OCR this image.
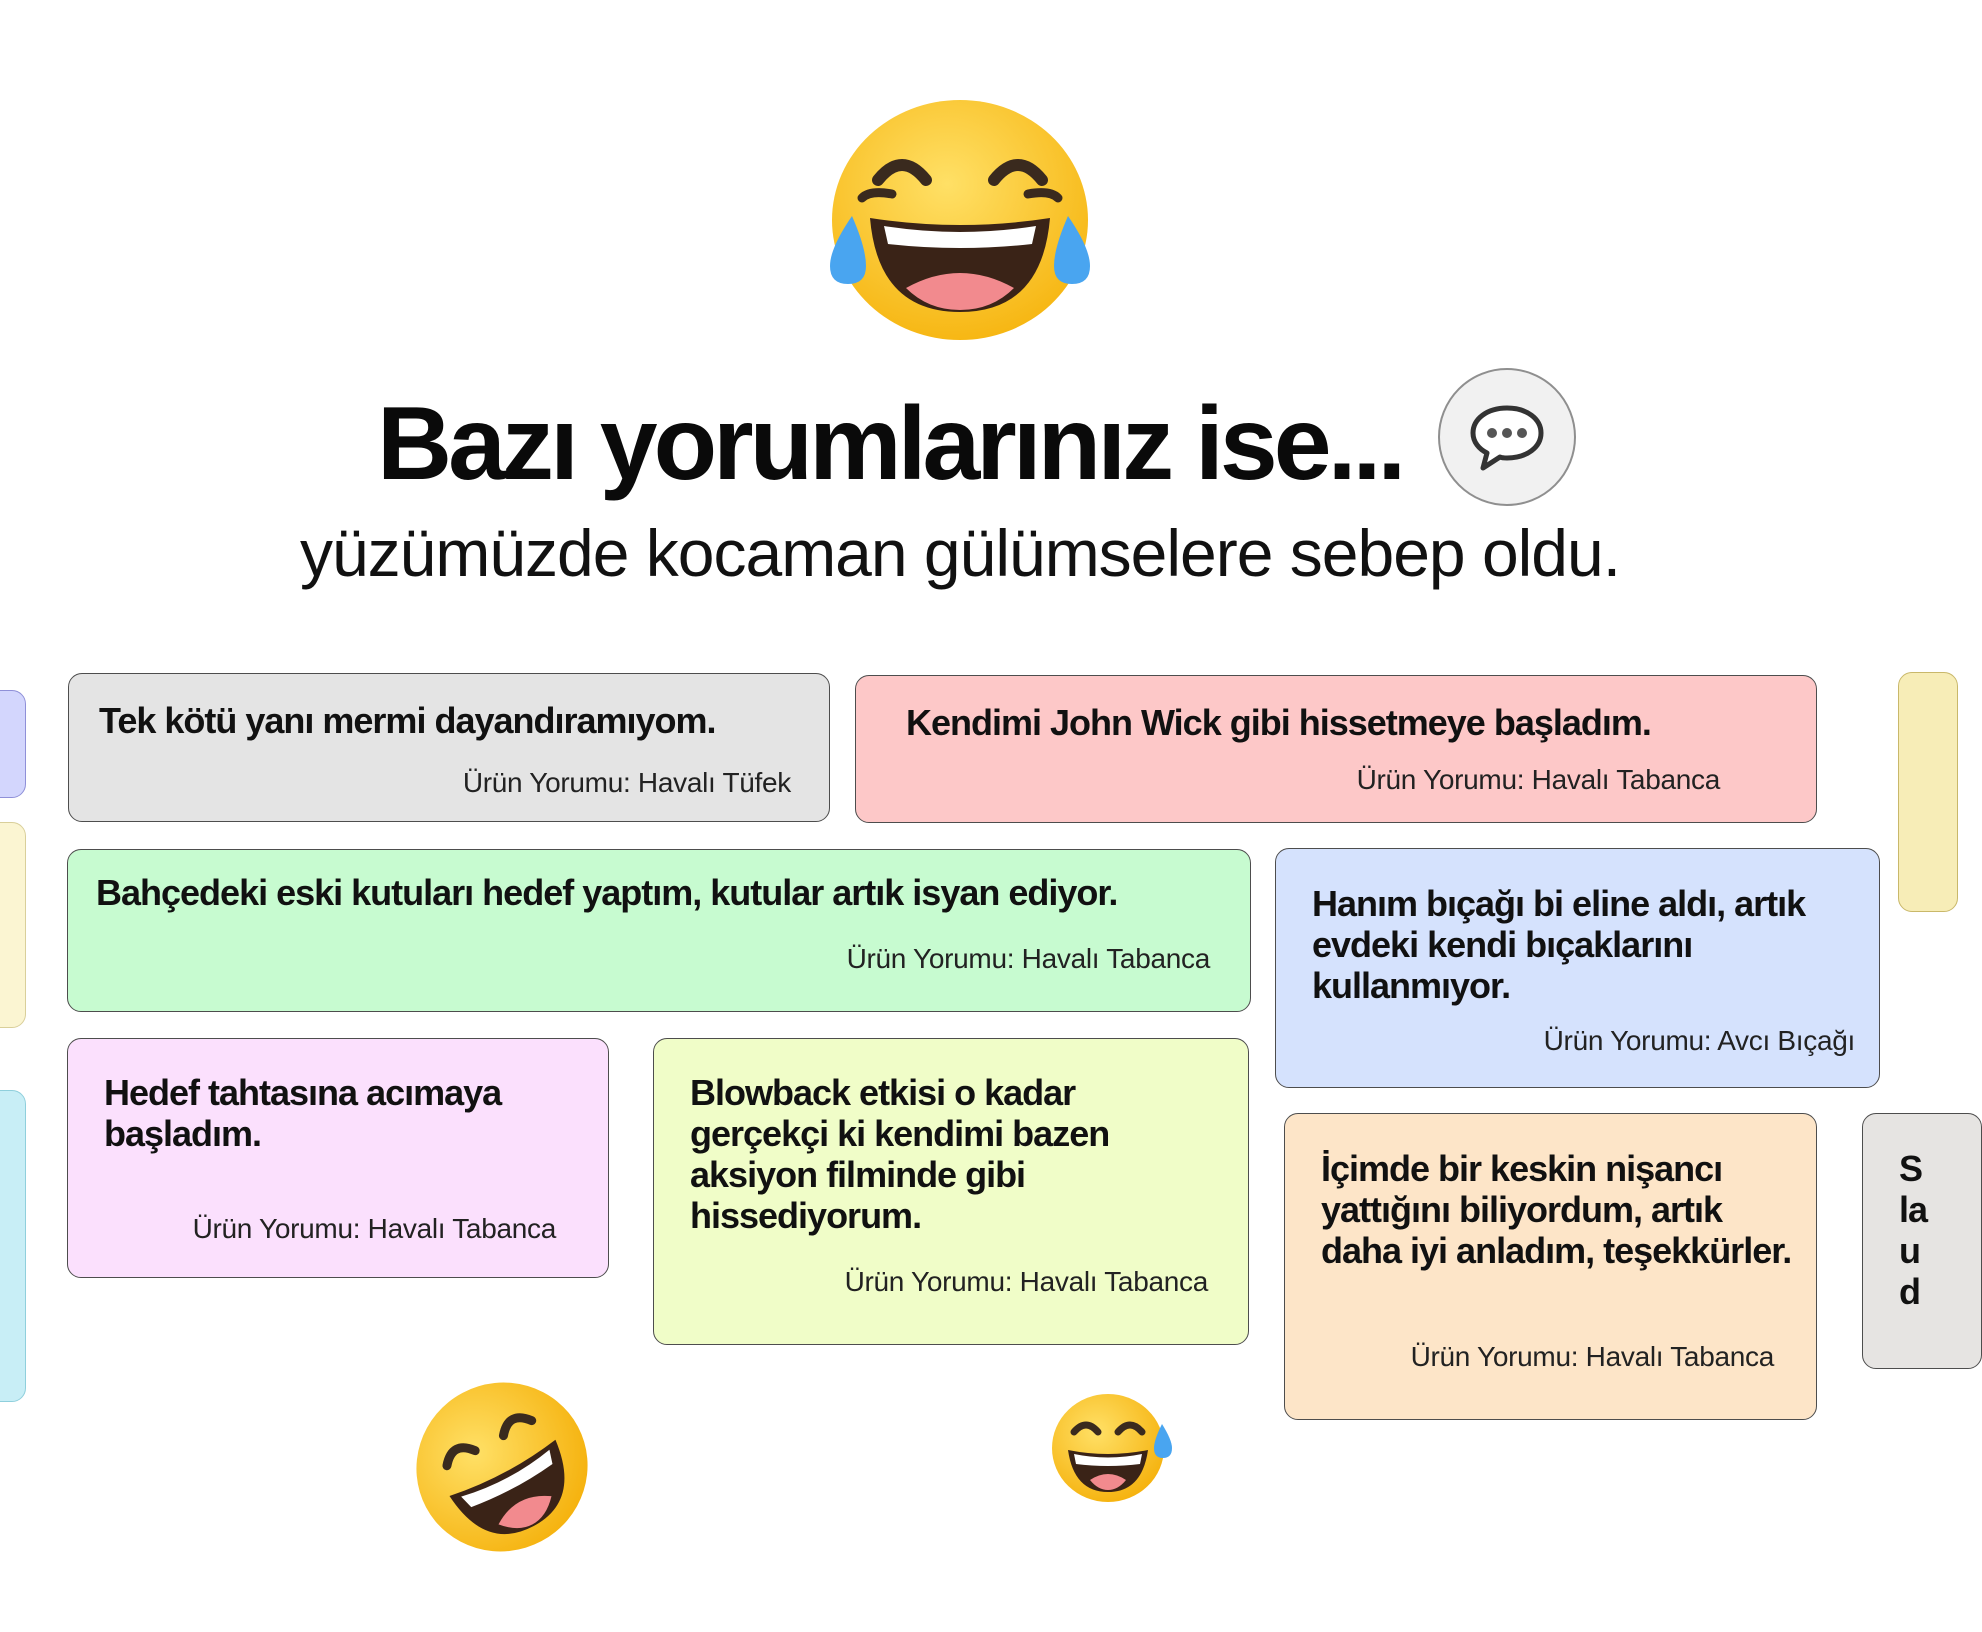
Bazı yorumlarınız ise...
yüzümüzde kocaman gülümselere sebep oldu.
Tek kötü yanı mermi dayandıramıyom.
Ürün Yorumu: Havalı Tüfek
Kendimi John Wick gibi hissetmeye başladım.
Ürün Yorumu: Havalı Tabanca
Bahçedeki eski kutuları hedef yaptım, kutular artık isyan ediyor.
Ürün Yorumu: Havalı Tabanca
Hanım bıçağı bi eline aldı, artık evdeki kendi bıçaklarını kullanmıyor.
Ürün Yorumu: Avcı Bıçağı
Hedef tahtasına acımaya başladım.
Ürün Yorumu: Havalı Tabanca
Blowback etkisi o kadar gerçekçi ki kendimi bazen aksiyon filminde gibi hissediyorum.
Ürün Yorumu: Havalı Tabanca
İçimde bir keskin nişancı yattığını biliyordum, artık daha iyi anladım, teşekkürler.
Ürün Yorumu: Havalı Tabanca
S
la
u
d
